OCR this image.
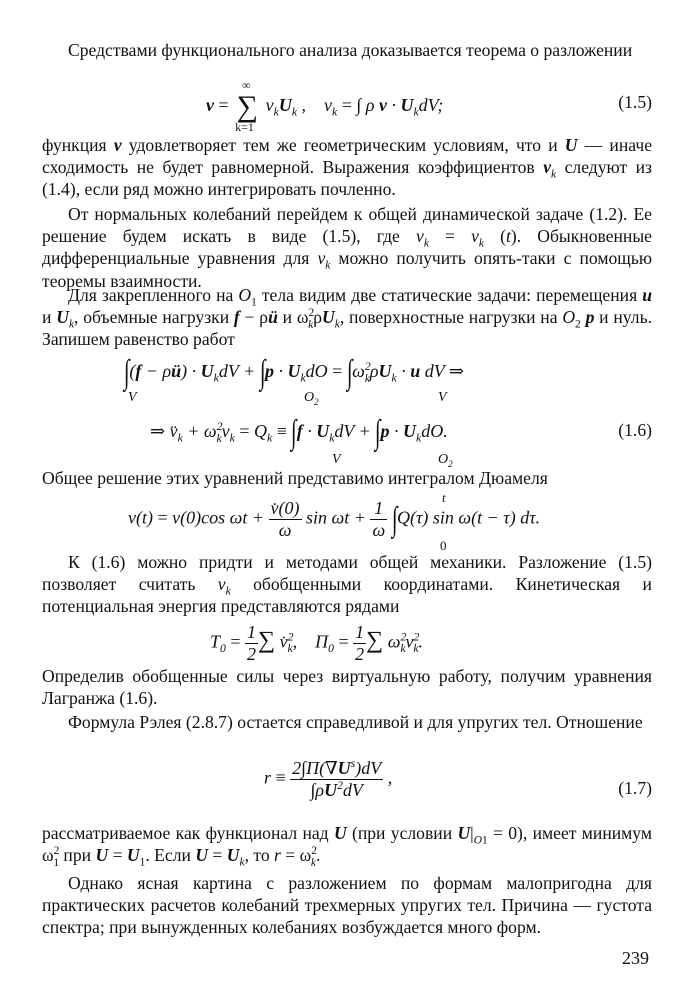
Средствами функционального анализа доказывается теорема о разложении

v =
∞
∑
k=1
$v_kU_k$ ,    $v_k$ = ∫ ρ $v \cdot U_kdV$;	(1.5)

функция v удовлетворяет тем же геометрическим условиям, что и U — иначе сходимость не будет равномерной. Выражения коэффициентов $v_k$ следуют из (1.4), если ряд можно интегрировать почленно.

От нормальных колебаний перейдем к общей динамической задаче (1.2). Ее решение будем искать в виде (1.5), где $v_k = v_k$ (t). Обыкновенные дифференциальные уравнения для $v_k$ можно получить опять-таки с помощью теоремы взаимности.

Для закрепленного на $O_1$ тела видим две статические задачи: перемещения u и $U_k$, объемные нагрузки f − ρü и $\omega^2_k\rho U_k$, поверхностные нагрузки на $O_2$ p и нуль. Запишем равенство работ

∫(f − ρü) · $U_kdV + \int p \cdot U_kdO = \int\omega^2_k\rho U_k \cdot u$ dV ⇒
V	$O_2$	V
⇒ $v̈_k + \omega^2_kv_k = Q_k \equiv \int f \cdot U_kdV + \int p \cdot U_kdO$.
V	$O_2$
(1.6)

Общее решение этих уравнений представимо интегралом Дюамеля

v(t) = v(0)cos $\omega t + \frac{v̇(0)}{\omega}$ $\sin \omega t + \frac{1}{\omega} \int Q(\tau)$ sin ω(t − τ) dτ.
t
0

К (1.6) можно придти и методами общей механики. Разложение (1.5) позволяет считать $v_k$ обобщенными координатами. Кинетическая и потенциальная энергия представляются рядами

$T_0 = \frac{1}{2}$ ∑ v̇$^2_k$,    $\Pi_0 = \frac{1}{2}$ ∑ $\omega^2_kv^2_k$.

Определив обобщенные силы через виртуальную работу, получим уравнения Лагранжа (1.6).

Формула Рэлея (2.8.7) остается справедливой и для упругих тел. Отношение

$r \equiv \frac{2\int\Pi(\nabla U^s)dV}{\int\rho U^2dV}$ ,
(1.7)

рассматриваемое как функционал над U (при условии $U|_{O1} = 0$), имеет минимум $\omega^2_1$ при $U = U_1$. Если $U = U_k$, то $r = \omega^2_k$.

Однако ясная картина с разложением по формам малопригодна для практических расчетов колебаний трехмерных упругих тел. Причина — густота спектра; при вынужденных колебаниях возбуждается много форм.

239
